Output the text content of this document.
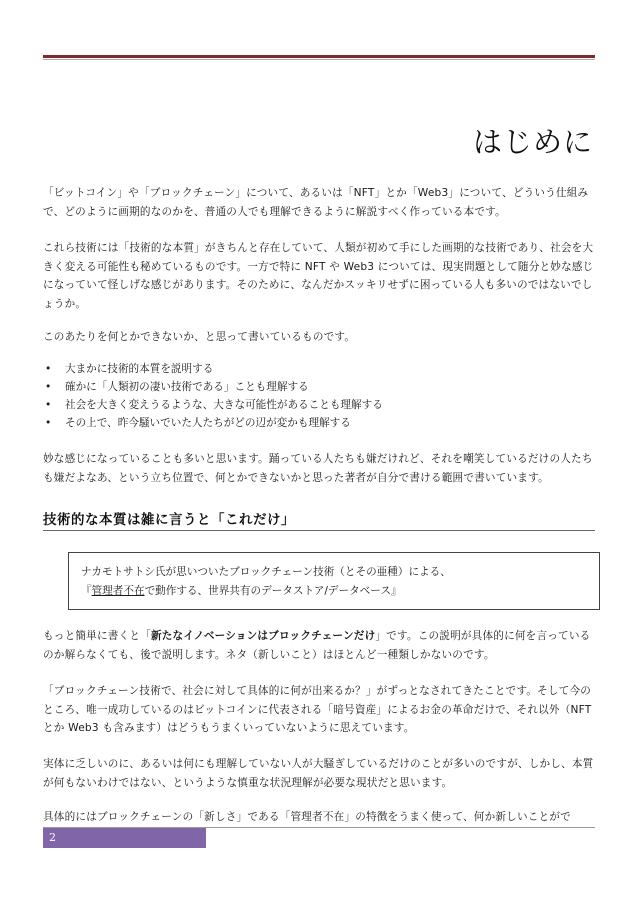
はじめに

「ビットコイン」や「ブロックチェーン」について、あるいは「NFT」とか「Web3」について、どういう仕組みで、どのように画期的なのかを、普通の人でも理解できるように解説すべく作っている本です。

これら技術には「技術的な本質」がきちんと存在していて、人類が初めて手にした画期的な技術であり、社会を大きく変える可能性も秘めているものです。一方で特に NFT や Web3 については、現実問題として随分と妙な感じになっていて怪しげな感じがあります。そのために、なんだかスッキリせずに困っている人も多いのではないでしょうか。

このあたりを何とかできないか、と思って書いているものです。

• 大まかに技術的本質を説明する
• 確かに「人類初の凄い技術である」ことも理解する
• 社会を大きく変えうるような、大きな可能性があることも理解する
• その上で、昨今騒いでいた人たちがどの辺が変かも理解する

妙な感じになっていることも多いと思います。踊っている人たちも嫌だけれど、それを嘲笑しているだけの人たちも嫌だよなあ、という立ち位置で、何とかできないかと思った著者が自分で書ける範囲で書いています。

技術的な本質は雑に言うと「これだけ」
ナカモトサトシ氏が思いついたブロックチェーン技術（とその亜種）による、
『管理者不在で動作する、世界共有のデータストア/データベース』

もっと簡単に書くと「新たなイノベーションはブロックチェーンだけ」です。この説明が具体的に何を言っているのか解らなくても、後で説明します。ネタ（新しいこと）はほとんど一種類しかないのです。

「ブロックチェーン技術で、社会に対して具体的に何が出来るか？」がずっとなされてきたことです。そして今のところ、唯一成功しているのはビットコインに代表される「暗号資産」によるお金の革命だけで、それ以外（NFT とか Web3 も含みます）はどうもうまくいっていないように思えています。

実体に乏しいのに、あるいは何にも理解していない人が大騒ぎしているだけのことが多いのですが、しかし、本質が何もないわけではない、というような慎重な状況理解が必要な現状だと思います。

具体的にはブロックチェーンの「新しさ」である「管理者不在」の特徴をうまく使って、何か新しいことがで

2
